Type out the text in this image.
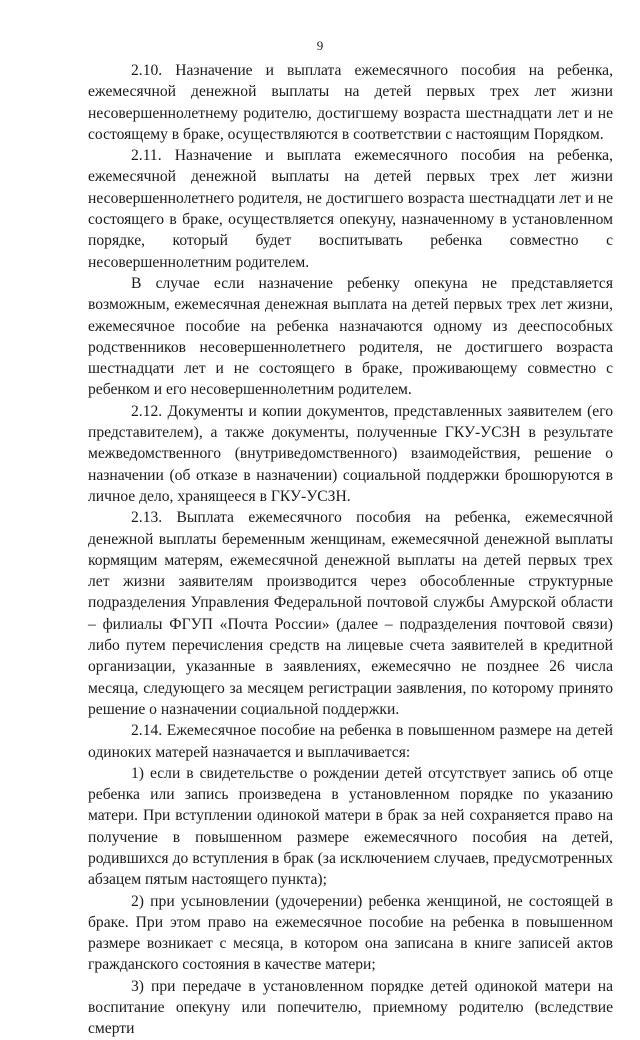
9

2.10. Назначение и выплата ежемесячного пособия на ребенка, ежемесячной денежной выплаты на детей первых трех лет жизни несовершеннолетнему родителю, достигшему возраста шестнадцати лет и не состоящему в браке, осуществляются в соответствии с настоящим Порядком.

2.11. Назначение и выплата ежемесячного пособия на ребенка, ежемесячной денежной выплаты на детей первых трех лет жизни несовершеннолетнего родителя, не достигшего возраста шестнадцати лет и не состоящего в браке, осуществляется опекуну, назначенному в установленном порядке, который будет воспитывать ребенка совместно с несовершеннолетним родителем.

В случае если назначение ребенку опекуна не представляется возможным, ежемесячная денежная выплата на детей первых трех лет жизни, ежемесячное пособие на ребенка назначаются одному из дееспособных родственников несовершеннолетнего родителя, не достигшего возраста шестнадцати лет и не состоящего в браке, проживающему совместно с ребенком и его несовершеннолетним родителем.

2.12. Документы и копии документов, представленных заявителем (его представителем), а также документы, полученные ГКУ-УСЗН в результате межведомственного (внутриведомственного) взаимодействия, решение о назначении (об отказе в назначении) социальной поддержки брошюруются в личное дело, хранящееся в ГКУ-УСЗН.

2.13. Выплата ежемесячного пособия на ребенка, ежемесячной денежной выплаты беременным женщинам, ежемесячной денежной выплаты кормящим матерям, ежемесячной денежной выплаты на детей первых трех лет жизни заявителям производится через обособленные структурные подразделения Управления Федеральной почтовой службы Амурской области – филиалы ФГУП «Почта России» (далее – подразделения почтовой связи) либо путем перечисления средств на лицевые счета заявителей в кредитной организации, указанные в заявлениях, ежемесячно не позднее 26 числа месяца, следующего за месяцем регистрации заявления, по которому принято решение о назначении социальной поддержки.

2.14. Ежемесячное пособие на ребенка в повышенном размере на детей одиноких матерей назначается и выплачивается:

1) если в свидетельстве о рождении детей отсутствует запись об отце ребенка или запись произведена в установленном порядке по указанию матери. При вступлении одинокой матери в брак за ней сохраняется право на получение в повышенном размере ежемесячного пособия на детей, родившихся до вступления в брак (за исключением случаев, предусмотренных абзацем пятым настоящего пункта);

2) при усыновлении (удочерении) ребенка женщиной, не состоящей в браке. При этом право на ежемесячное пособие на ребенка в повышенном размере возникает с месяца, в котором она записана в книге записей актов гражданского состояния в качестве матери;

3) при передаче в установленном порядке детей одинокой матери на воспитание опекуну или попечителю, приемному родителю (вследствие смерти
